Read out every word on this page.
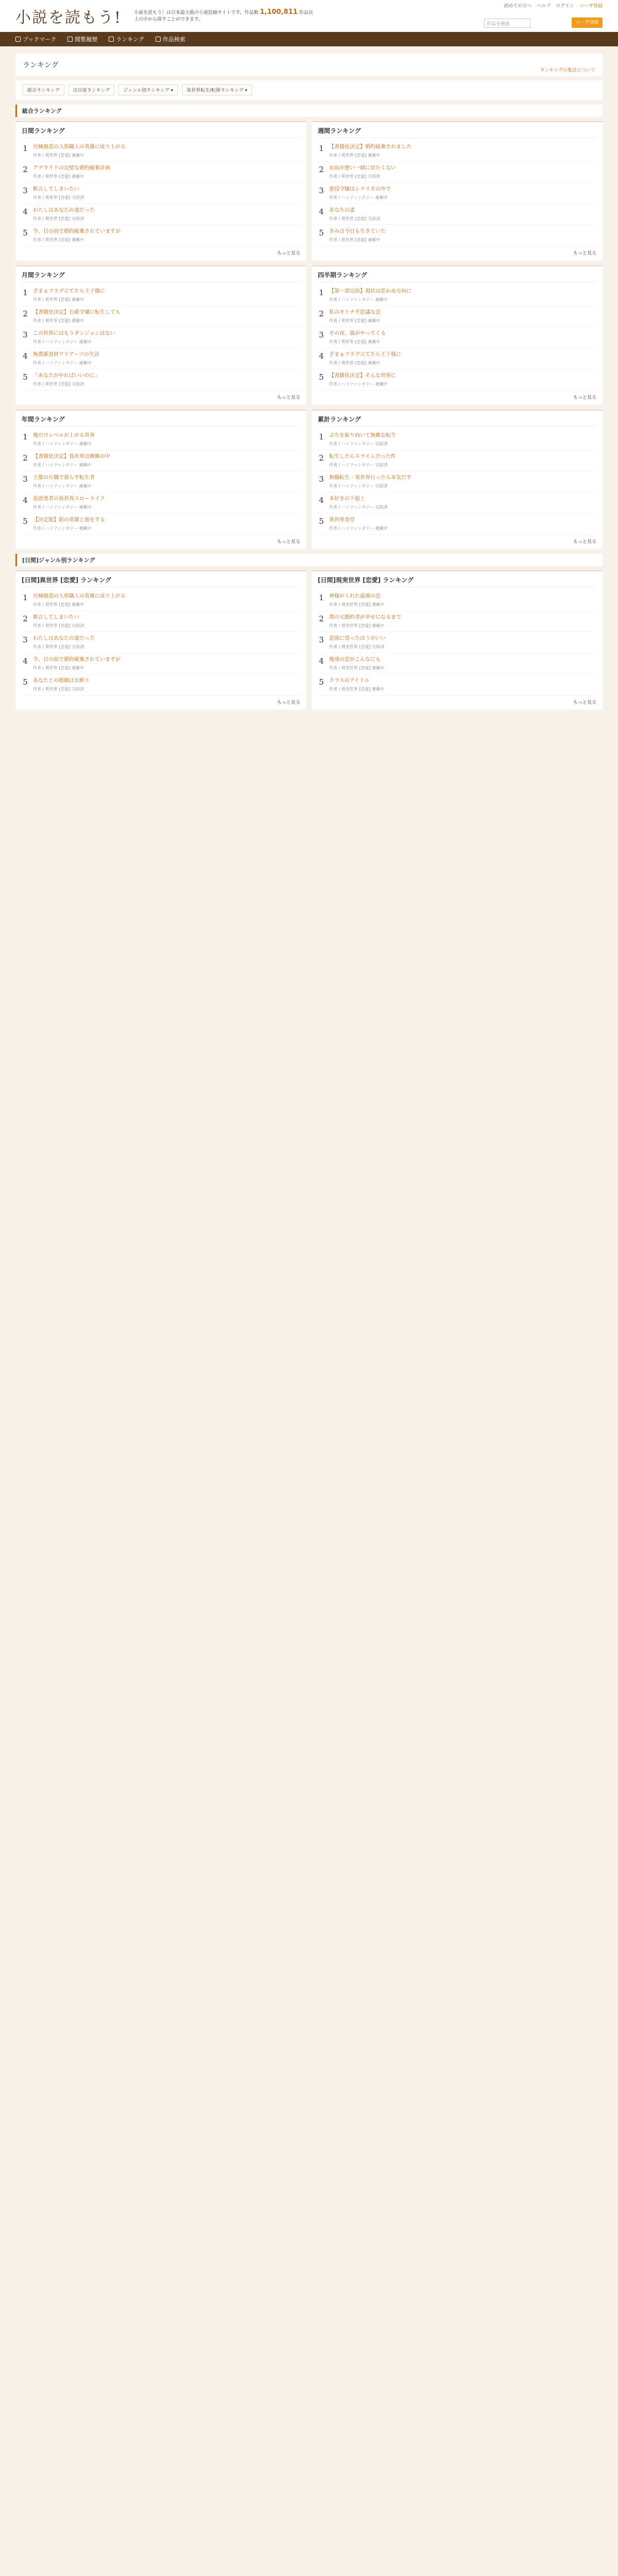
小説を読もう!	小説を読もう！は日本最大級の小説投稿サイトです。作品数 1,100,811 作品以上の中から探すことができます。
初めての方へ ヘルプ ログイン ユーザ登録
作品を検索	ユーザ登録
ブックマーク	閲覧履歴	ランキング	作品検索
ランキング
ランキングの集計について
総合ランキング	注目度ランキング	ジャンル別ランキング ▾	異世界転生/転移ランキング ▾
総合ランキング
日間ランキング
1 究極創造の人形職人の英雄に成り上がる
作者 / 異世界 [恋愛] 連載中
2 アデライドの完璧な婚約破棄計画
作者 / 異世界 [恋愛] 連載中
3 断言してしまいたい
作者 / 異世界 [恋愛] 完結済
4 わたしはあなたの妻だった
作者 / 異世界 [恋愛] 完結済
5 今、目の前で婚約破棄されていますが
作者 / 異世界 [恋愛] 連載中
もっと見る
週間ランキング
1 【書籍化決定】婚約破棄されました
作者 / 異世界 [恋愛] 連載中
2 お前が悪い一緒に居たくない
作者 / 異世界 [恋愛] 完結済
3 悪役令嬢はシナリオの外で
作者 / ハイファンタジー 連載中
4 あなたの妻
作者 / 異世界 [恋愛] 完結済
5 きみは今日も生きていた
作者 / 異世界 [恋愛] 連載中
もっと見る
月間ランキング
1 ざまぁフラグ立てたら王子様に
作者 / 異世界 [恋愛] 連載中
2 【書籍化決定】公爵令嬢に転生しても
作者 / 異世界 [恋愛] 連載中
3 この世界にはもうダンジョンはない
作者 / ハイファンタジー 連載中
4 無農薬食材アリアーツの生活
作者 / ハイファンタジー 連載中
5 「あなたがやればいいのに」
作者 / 異世界 [恋愛] 完結済
もっと見る
四半期ランキング
1 【第一部完結】現状は思わぬ方向に
作者 / ハイファンタジー 連載中
2 私のオトナ不思議な恋
作者 / 異世界 [恋愛] 連載中
3 その夜、猫がやってくる
作者 / 異世界 [恋愛] 連載中
4 ざまぁフラグ立てたら王子様に
作者 / 異世界 [恋愛] 連載中
5 【書籍化決定】そんな世界に
作者 / ハイファンタジー 連載中
もっと見る
年間ランキング
1 俺だけレベルが上がる世界
作者 / ハイファンタジー 連載中
2 【書籍化決定】異世界は蜘蛛の中
作者 / ハイファンタジー 連載中
3 王都の片隅で暮らす転生者
作者 / ハイファンタジー 連載中
4 追放勇者の異世界スローライフ
作者 / ハイファンタジー 連載中
5 【決定版】影の英雄と旅をする
作者 / ハイファンタジー 連載中
もっと見る
累計ランキング
1 ぷちを振り向いて無敵な転生
作者 / ハイファンタジー 完結済
2 転生したらスライムだった件
作者 / ハイファンタジー 完結済
3 無職転生 - 異世界行ったら本気だす
作者 / ハイファンタジー 完結済
4 本好きの下剋上
作者 / ハイファンタジー 完結済
5 異世界食堂
作者 / ハイファンタジー 連載中
もっと見る
[日間]ジャンル別ランキング
[日間]異世界 [恋愛] ランキング
1 究極創造の人形職人の英雄に成り上がる
作者 / 異世界 [恋愛] 連載中
2 断言してしまいたい
作者 / 異世界 [恋愛] 完結済
3 わたしはあなたの妻だった
作者 / 異世界 [恋愛] 完結済
4 今、目の前で婚約破棄されていますが
作者 / 異世界 [恋愛] 連載中
5 あなたとの婚姻はお断り
作者 / 異世界 [恋愛] 完結済
もっと見る
[日間]現実世界 [恋愛] ランキング
1 神様がくれた最後の恋
作者 / 現実世界 [恋愛] 連載中
2 僕の元婚約者が幸せになるまで
作者 / 現実世界 [恋愛] 連載中
3 追放に寄ったほうがいい
作者 / 現実世界 [恋愛] 完結済
4 俺達の恋がこんなにも
作者 / 現実世界 [恋愛] 連載中
5 クラスのアイドル
作者 / 現実世界 [恋愛] 連載中
もっと見る
